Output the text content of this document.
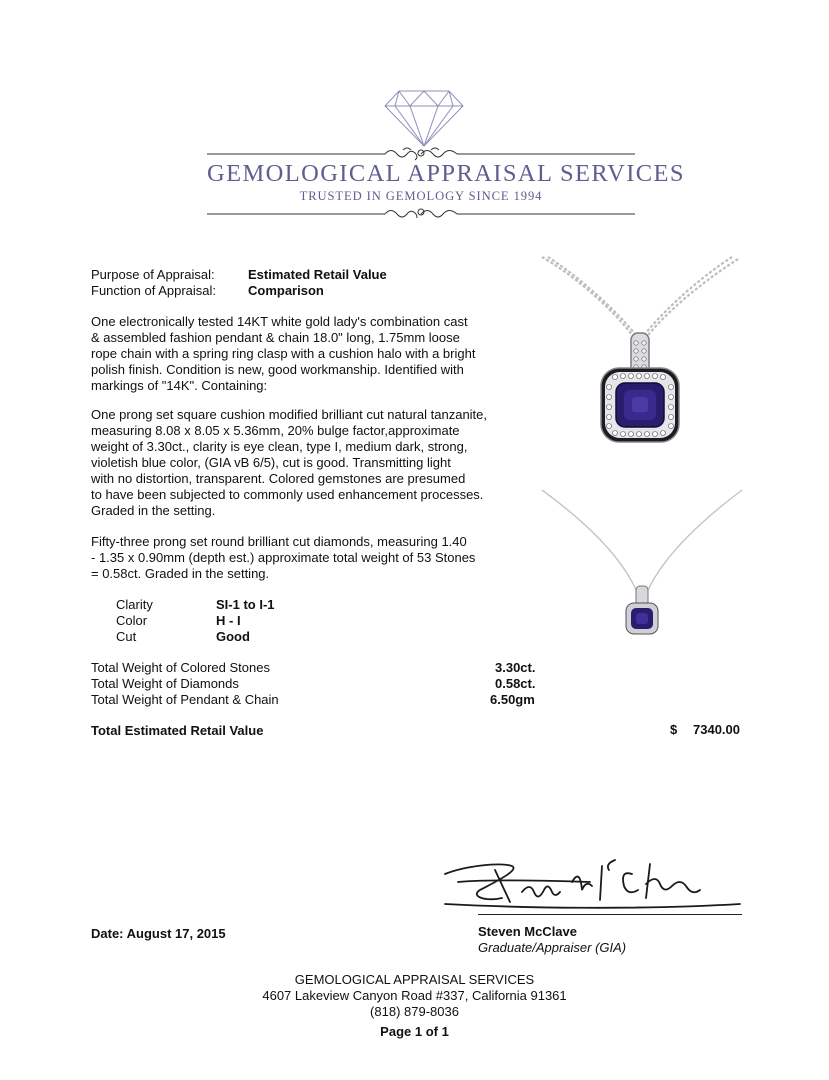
GEMOLOGICAL APPRAISAL SERVICES
TRUSTED IN GEMOLOGY SINCE 1994
Purpose of Appraisal:	Estimated Retail Value
Function of Appraisal: Comparison
One electronically tested 14KT white gold lady's combination cast
& assembled fashion pendant & chain 18.0" long, 1.75mm loose
rope chain with a spring ring clasp with a cushion halo with a bright
polish finish. Condition is new, good workmanship. Identified with
markings of "14K". Containing:
One prong set square cushion modified brilliant cut natural tanzanite,
measuring 8.08 x 8.05 x 5.36mm, 20% bulge factor,approximate
weight of 3.30ct., clarity is eye clean, type I, medium dark, strong,
violetish blue color, (GIA vB 6/5), cut is good. Transmitting light
with no distortion, transparent. Colored gemstones are presumed
to have been subjected to commonly used enhancement processes.
Graded in the setting.
Fifty-three prong set round brilliant cut diamonds, measuring 1.40
- 1.35 x 0.90mm (depth est.) approximate total weight of 53 Stones
= 0.58ct. Graded in the setting.
Clarity	SI-1 to I-1
Color	H - I
Cut	Good
Total Weight of Colored Stones	3.30ct.
Total Weight of Diamonds	0.58ct.
Total Weight of Pendant & Chain	6.50gm
Total Estimated Retail Value	$ 7340.00
Steven McClave
Graduate/Appraiser (GIA)
Date: August 17, 2015
GEMOLOGICAL APPRAISAL SERVICES
4607 Lakeview Canyon Road #337, California 91361
(818) 879-8036
Page 1 of 1
